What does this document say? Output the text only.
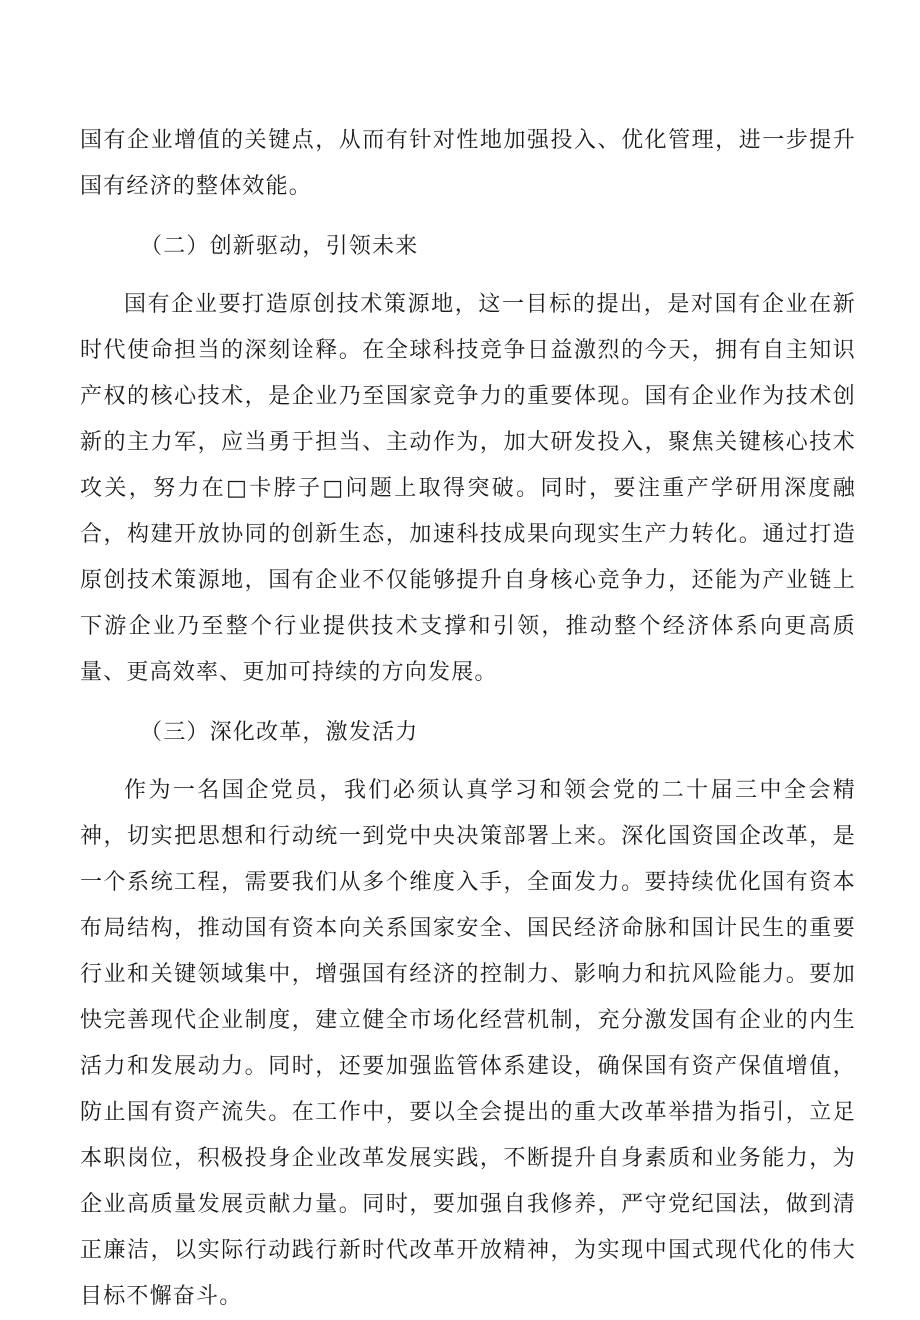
国有企业增值的关键点，从而有针对性地加强投入、优化管理，进一步提升国有经济的整体效能。

（二）创新驱动，引领未来

国有企业要打造原创技术策源地，这一目标的提出，是对国有企业在新时代使命担当的深刻诠释。在全球科技竞争日益激烈的今天，拥有自主知识产权的核心技术，是企业乃至国家竞争力的重要体现。国有企业作为技术创新的主力军，应当勇于担当、主动作为，加大研发投入，聚焦关键核心技术攻关，努力在□卡脖子□问题上取得突破。同时，要注重产学研用深度融合，构建开放协同的创新生态，加速科技成果向现实生产力转化。通过打造原创技术策源地，国有企业不仅能够提升自身核心竞争力，还能为产业链上下游企业乃至整个行业提供技术支撑和引领，推动整个经济体系向更高质量、更高效率、更加可持续的方向发展。

（三）深化改革，激发活力

作为一名国企党员，我们必须认真学习和领会党的二十届三中全会精神，切实把思想和行动统一到党中央决策部署上来。深化国资国企改革，是一个系统工程，需要我们从多个维度入手，全面发力。要持续优化国有资本布局结构，推动国有资本向关系国家安全、国民经济命脉和国计民生的重要行业和关键领域集中，增强国有经济的控制力、影响力和抗风险能力。要加快完善现代企业制度，建立健全市场化经营机制，充分激发国有企业的内生活力和发展动力。同时，还要加强监管体系建设，确保国有资产保值增值，防止国有资产流失。在工作中，要以全会提出的重大改革举措为指引，立足本职岗位，积极投身企业改革发展实践，不断提升自身素质和业务能力，为企业高质量发展贡献力量。同时，要加强自我修养，严守党纪国法，做到清正廉洁，以实际行动践行新时代改革开放精神，为实现中国式现代化的伟大目标不懈奋斗。
